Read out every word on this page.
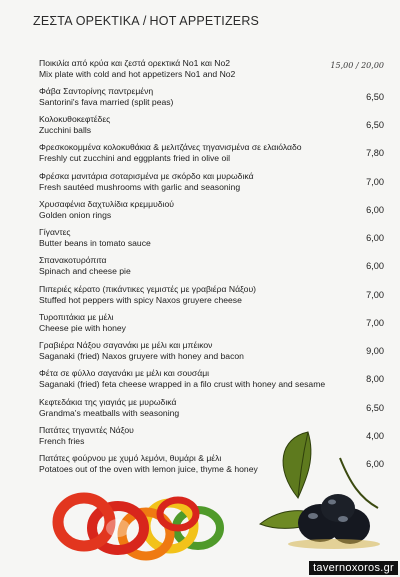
ΖΕΣΤΑ ΟΡΕΚΤΙΚΑ / HOT APPETIZERS
Ποικιλία από κρύα και ζεστά ορεκτικά Νο1 και Νο2
Mix plate with cold and hot appetizers No1 and No2
15,00 / 20,00
Φάβα Σαντορίνης παντρεμένη
Santorini's fava married (split peas)	6,50
Κολοκυθοκεφτέδες
Zucchini balls	6,50
Φρεσκοκομμένα κολοκυθάκια & μελιτζάνες τηγανισμένα σε ελαιόλαδο
Freshly cut zucchini and eggplants fried in olive oil	7,80
Φρέσκα μανιτάρια σοταρισμένα με σκόρδο και μυρωδικά
Fresh sautéed mushrooms with garlic and seasoning	7,00
Χρυσαφένια δαχτυλίδια κρεμμυδιού
Golden onion rings	6,00
Γίγαντες
Butter beans in tomato sauce	6,00
Σπανακοτυρόπιτα
Spinach and cheese pie	6,00
Πιπεριές κέρατο (πικάντικες γεμιστές με γραβιέρα Νάξου)
Stuffed hot peppers with spicy Naxos gruyere cheese	7,00
Τυροπιτάκια με μέλι
Cheese pie with honey	7,00
Γραβιέρα Νάξου σαγανάκι με μέλι και μπέικον
Saganaki (fried) Naxos gruyere with honey and bacon	9,00
Φέτα σε φύλλο σαγανάκι με μέλι και σουσάμι
Saganaki (fried) feta cheese wrapped in a filo crust with honey and sesame	8,00
Κεφτεδάκια της γιαγιάς με μυρωδικά
Grandma's meatballs with seasoning	6,50
Πατάτες τηγανιτές Νάξου
French fries	4,00
Πατάτες φούρνου με χυμό λεμόνι, θυμάρι & μέλι
Potatoes out of the oven with lemon juice, thyme & honey	6,00
tavernoxoros.gr
